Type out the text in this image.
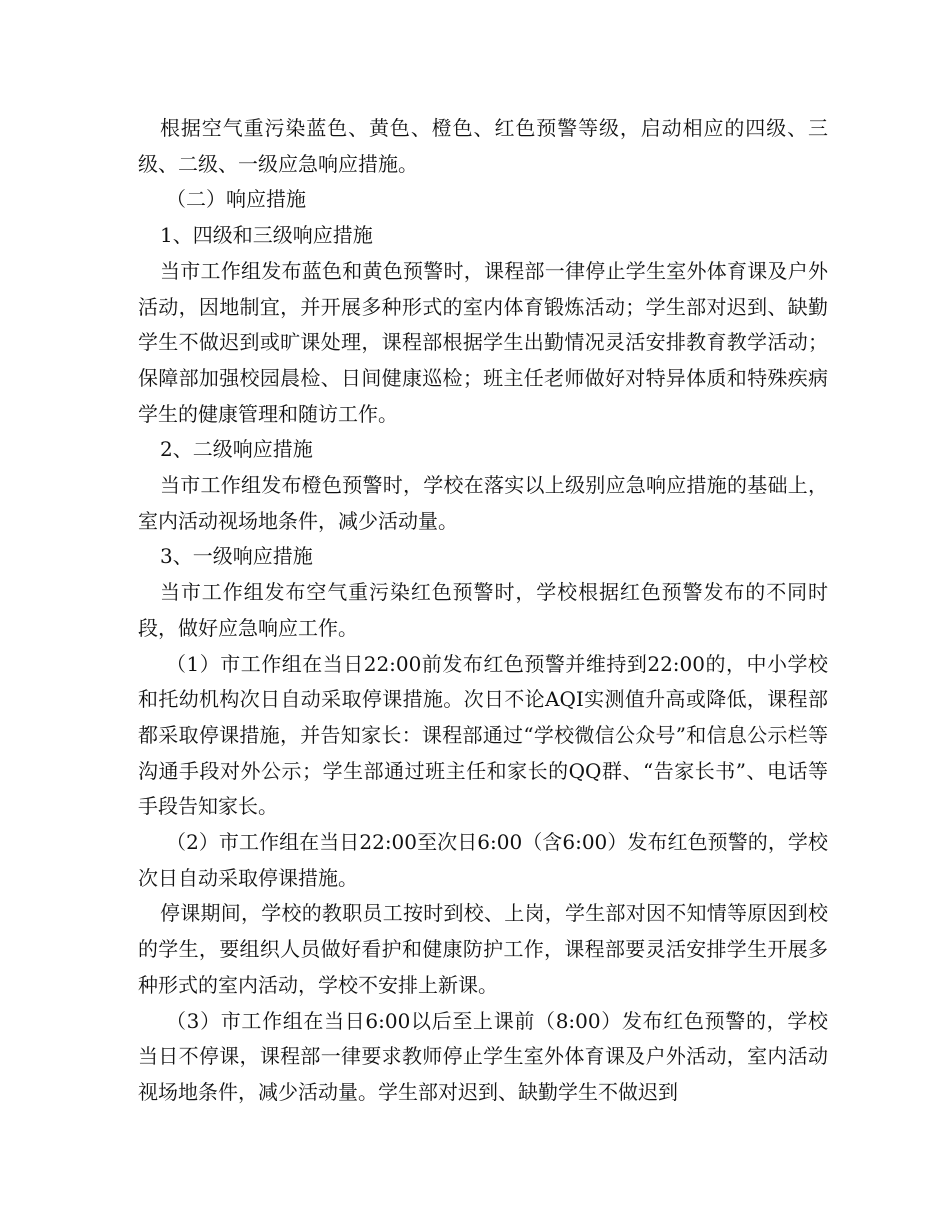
根据空气重污染蓝色、黄色、橙色、红色预警等级，启动相应的四级、三级、二级、一级应急响应措施。

（二）响应措施

1、四级和三级响应措施

当市工作组发布蓝色和黄色预警时，课程部一律停止学生室外体育课及户外活动，因地制宜，并开展多种形式的室内体育锻炼活动；学生部对迟到、缺勤学生不做迟到或旷课处理，课程部根据学生出勤情况灵活安排教育教学活动；保障部加强校园晨检、日间健康巡检；班主任老师做好对特异体质和特殊疾病学生的健康管理和随访工作。

2、二级响应措施

当市工作组发布橙色预警时，学校在落实以上级别应急响应措施的基础上，室内活动视场地条件，减少活动量。

3、一级响应措施

当市工作组发布空气重污染红色预警时，学校根据红色预警发布的不同时段，做好应急响应工作。

（1）市工作组在当日22:00前发布红色预警并维持到22:00的，中小学校和托幼机构次日自动采取停课措施。次日不论AQI实测值升高或降低，课程部都采取停课措施，并告知家长：课程部通过“学校微信公众号”和信息公示栏等沟通手段对外公示；学生部通过班主任和家长的QQ群、“告家长书”、电话等手段告知家长。

（2）市工作组在当日22:00至次日6:00（含6:00）发布红色预警的，学校次日自动采取停课措施。

停课期间，学校的教职员工按时到校、上岗，学生部对因不知情等原因到校的学生，要组织人员做好看护和健康防护工作，课程部要灵活安排学生开展多种形式的室内活动，学校不安排上新课。

（3）市工作组在当日6:00以后至上课前（8:00）发布红色预警的，学校当日不停课，课程部一律要求教师停止学生室外体育课及户外活动，室内活动视场地条件，减少活动量。学生部对迟到、缺勤学生不做迟到
